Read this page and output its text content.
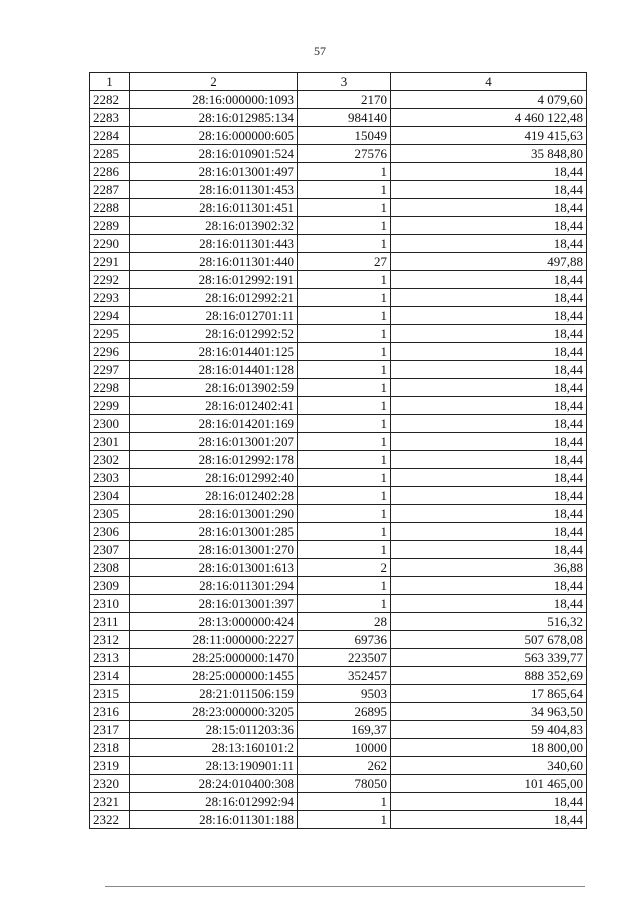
57
1	2	3	4
2282	28:16:000000:1093	2170	4 079,60
2283	28:16:012985:134	984140	4 460 122,48
2284	28:16:000000:605	15049	419 415,63
2285	28:16:010901:524	27576	35 848,80
2286	28:16:013001:497	1	18,44
2287	28:16:011301:453	1	18,44
2288	28:16:011301:451	1	18,44
2289	28:16:013902:32	1	18,44
2290	28:16:011301:443	1	18,44
2291	28:16:011301:440	27	497,88
2292	28:16:012992:191	1	18,44
2293	28:16:012992:21	1	18,44
2294	28:16:012701:11	1	18,44
2295	28:16:012992:52	1	18,44
2296	28:16:014401:125	1	18,44
2297	28:16:014401:128	1	18,44
2298	28:16:013902:59	1	18,44
2299	28:16:012402:41	1	18,44
2300	28:16:014201:169	1	18,44
2301	28:16:013001:207	1	18,44
2302	28:16:012992:178	1	18,44
2303	28:16:012992:40	1	18,44
2304	28:16:012402:28	1	18,44
2305	28:16:013001:290	1	18,44
2306	28:16:013001:285	1	18,44
2307	28:16:013001:270	1	18,44
2308	28:16:013001:613	2	36,88
2309	28:16:011301:294	1	18,44
2310	28:16:013001:397	1	18,44
2311	28:13:000000:424	28	516,32
2312	28:11:000000:2227	69736	507 678,08
2313	28:25:000000:1470	223507	563 339,77
2314	28:25:000000:1455	352457	888 352,69
2315	28:21:011506:159	9503	17 865,64
2316	28:23:000000:3205	26895	34 963,50
2317	28:15:011203:36	169,37	59 404,83
2318	28:13:160101:2	10000	18 800,00
2319	28:13:190901:11	262	340,60
2320	28:24:010400:308	78050	101 465,00
2321	28:16:012992:94	1	18,44
2322	28:16:011301:188	1	18,44
